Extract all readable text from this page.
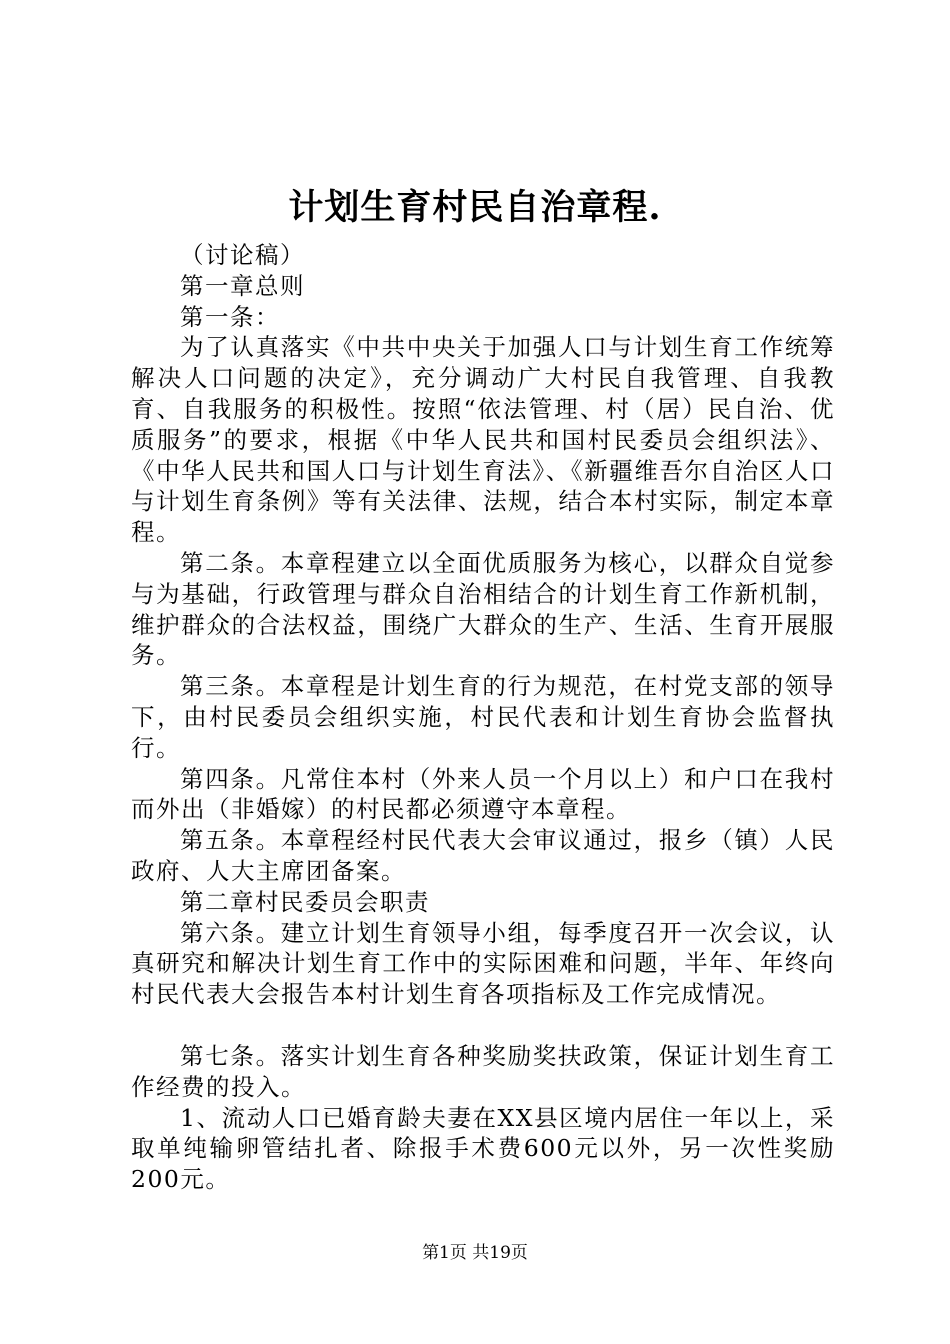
计划生育村民自治章程.

（讨论稿）

第一章总则

第一条：

为了认真落实《中共中央关于加强人口与计划生育工作统筹解决人口问题的决定》，充分调动广大村民自我管理、自我教育、自我服务的积极性。按照“依法管理、村（居）民自治、优质服务”的要求，根据《中华人民共和国村民委员会组织法》、《中华人民共和国人口与计划生育法》、《新疆维吾尔自治区人口与计划生育条例》等有关法律、法规，结合本村实际，制定本章程。

第二条。本章程建立以全面优质服务为核心，以群众自觉参与为基础，行政管理与群众自治相结合的计划生育工作新机制，维护群众的合法权益，围绕广大群众的生产、生活、生育开展服务。

第三条。本章程是计划生育的行为规范，在村党支部的领导下，由村民委员会组织实施，村民代表和计划生育协会监督执行。

第四条。凡常住本村（外来人员一个月以上）和户口在我村而外出（非婚嫁）的村民都必须遵守本章程。

第五条。本章程经村民代表大会审议通过，报乡（镇）人民政府、人大主席团备案。

第二章村民委员会职责

第六条。建立计划生育领导小组，每季度召开一次会议，认真研究和解决计划生育工作中的实际困难和问题，半年、年终向村民代表大会报告本村计划生育各项指标及工作完成情况。

第七条。落实计划生育各种奖励奖扶政策，保证计划生育工作经费的投入。

1、流动人口已婚育龄夫妻在XX县区境内居住一年以上，采取单纯输卵管结扎者、除报手术费600元以外，另一次性奖励200元。

第1页 共19页
